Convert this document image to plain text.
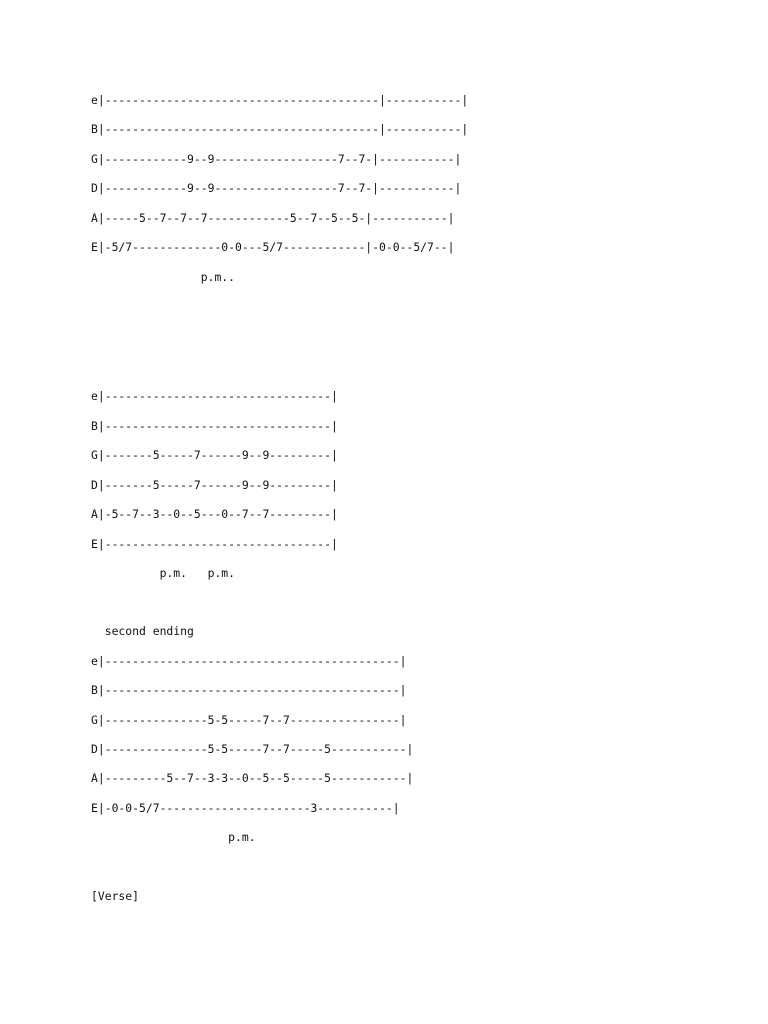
e|----------------------------------------|-----------|

B|----------------------------------------|-----------|

G|------------9--9------------------7--7-|-----------|

D|------------9--9------------------7--7-|-----------|

A|-----5--7--7--7------------5--7--5--5-|-----------|

E|-5/7-------------0-0---5/7------------|-0-0--5/7--|

p.m..

e|---------------------------------|

B|---------------------------------|

G|-------5-----7------9--9---------|

D|-------5-----7------9--9---------|

A|-5--7--3--0--5---0--7--7---------|

E|---------------------------------|

p.m.   p.m.

second ending

e|-------------------------------------------|

B|-------------------------------------------|

G|---------------5-5-----7--7----------------|

D|---------------5-5-----7--7-----5-----------|

A|---------5--7--3-3--0--5--5-----5-----------|

E|-0-0-5/7----------------------3-----------|

p.m.

[Verse]
